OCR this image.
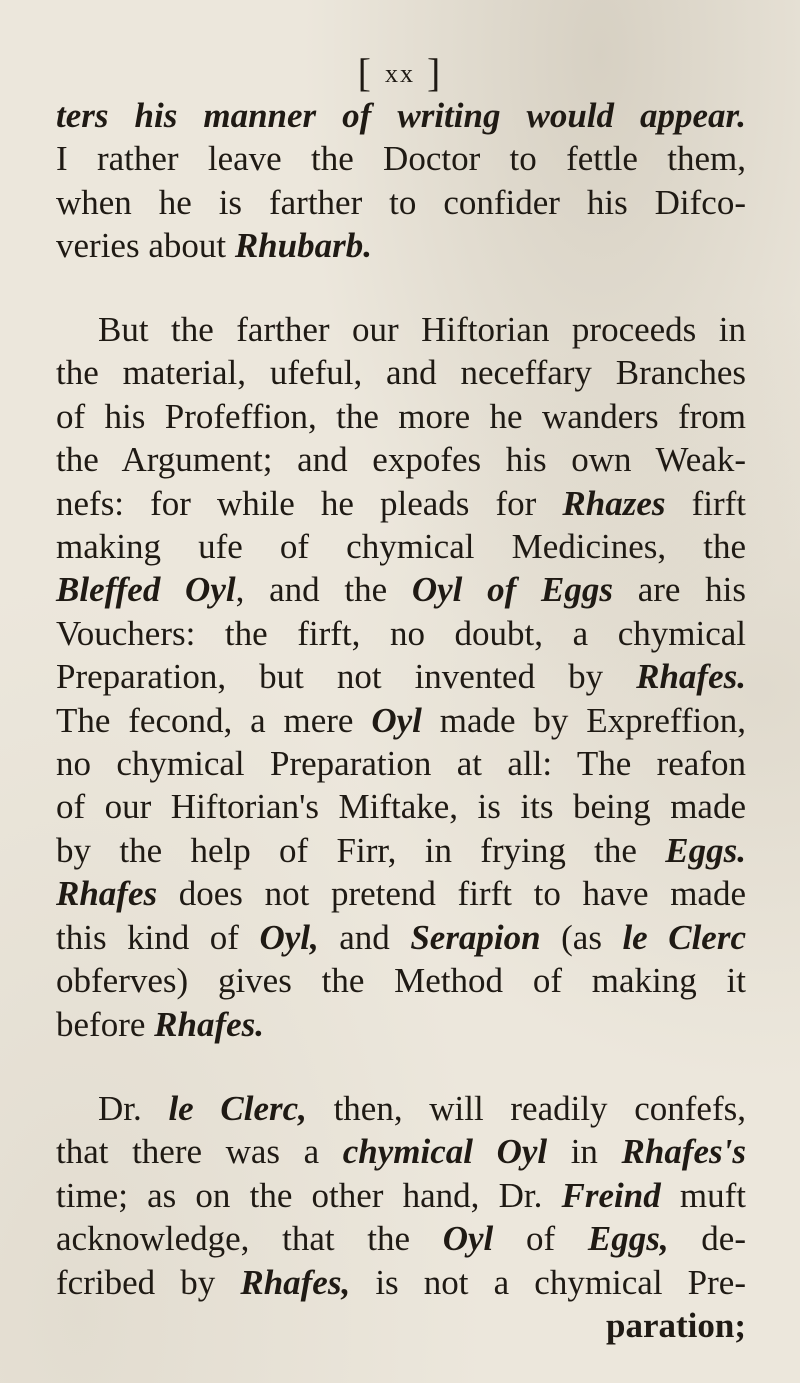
[ xx ]
ters his manner of writing would appear.
I rather leave the Doctor to fettle them,
when he is farther to confider his Difco-
veries about Rhubarb.
But the farther our Hiftorian proceeds in
the material, ufeful, and neceffary Branches
of his Profeffion, the more he wanders from
the Argument; and expofes his own Weak-
nefs: for while he pleads for Rhazes firft
making ufe of chymical Medicines, the
Bleffed Oyl, and the Oyl of Eggs are his
Vouchers: the firft, no doubt, a chymical
Preparation, but not invented by Rhafes.
The fecond, a mere Oyl made by Expreffion,
no chymical Preparation at all: The reafon
of our Hiftorian's Miftake, is its being made
by the help of Firr, in frying the Eggs.
Rhafes does not pretend firft to have made
this kind of Oyl, and Serapion (as le Clerc
obferves) gives the Method of making it
before Rhafes.
Dr. le Clerc, then, will readily confefs,
that there was a chymical Oyl in Rhafes's
time; as on the other hand, Dr. Freind muft
acknowledge, that the Oyl of Eggs, de-
fcribed by Rhafes, is not a chymical Pre-
paration;
